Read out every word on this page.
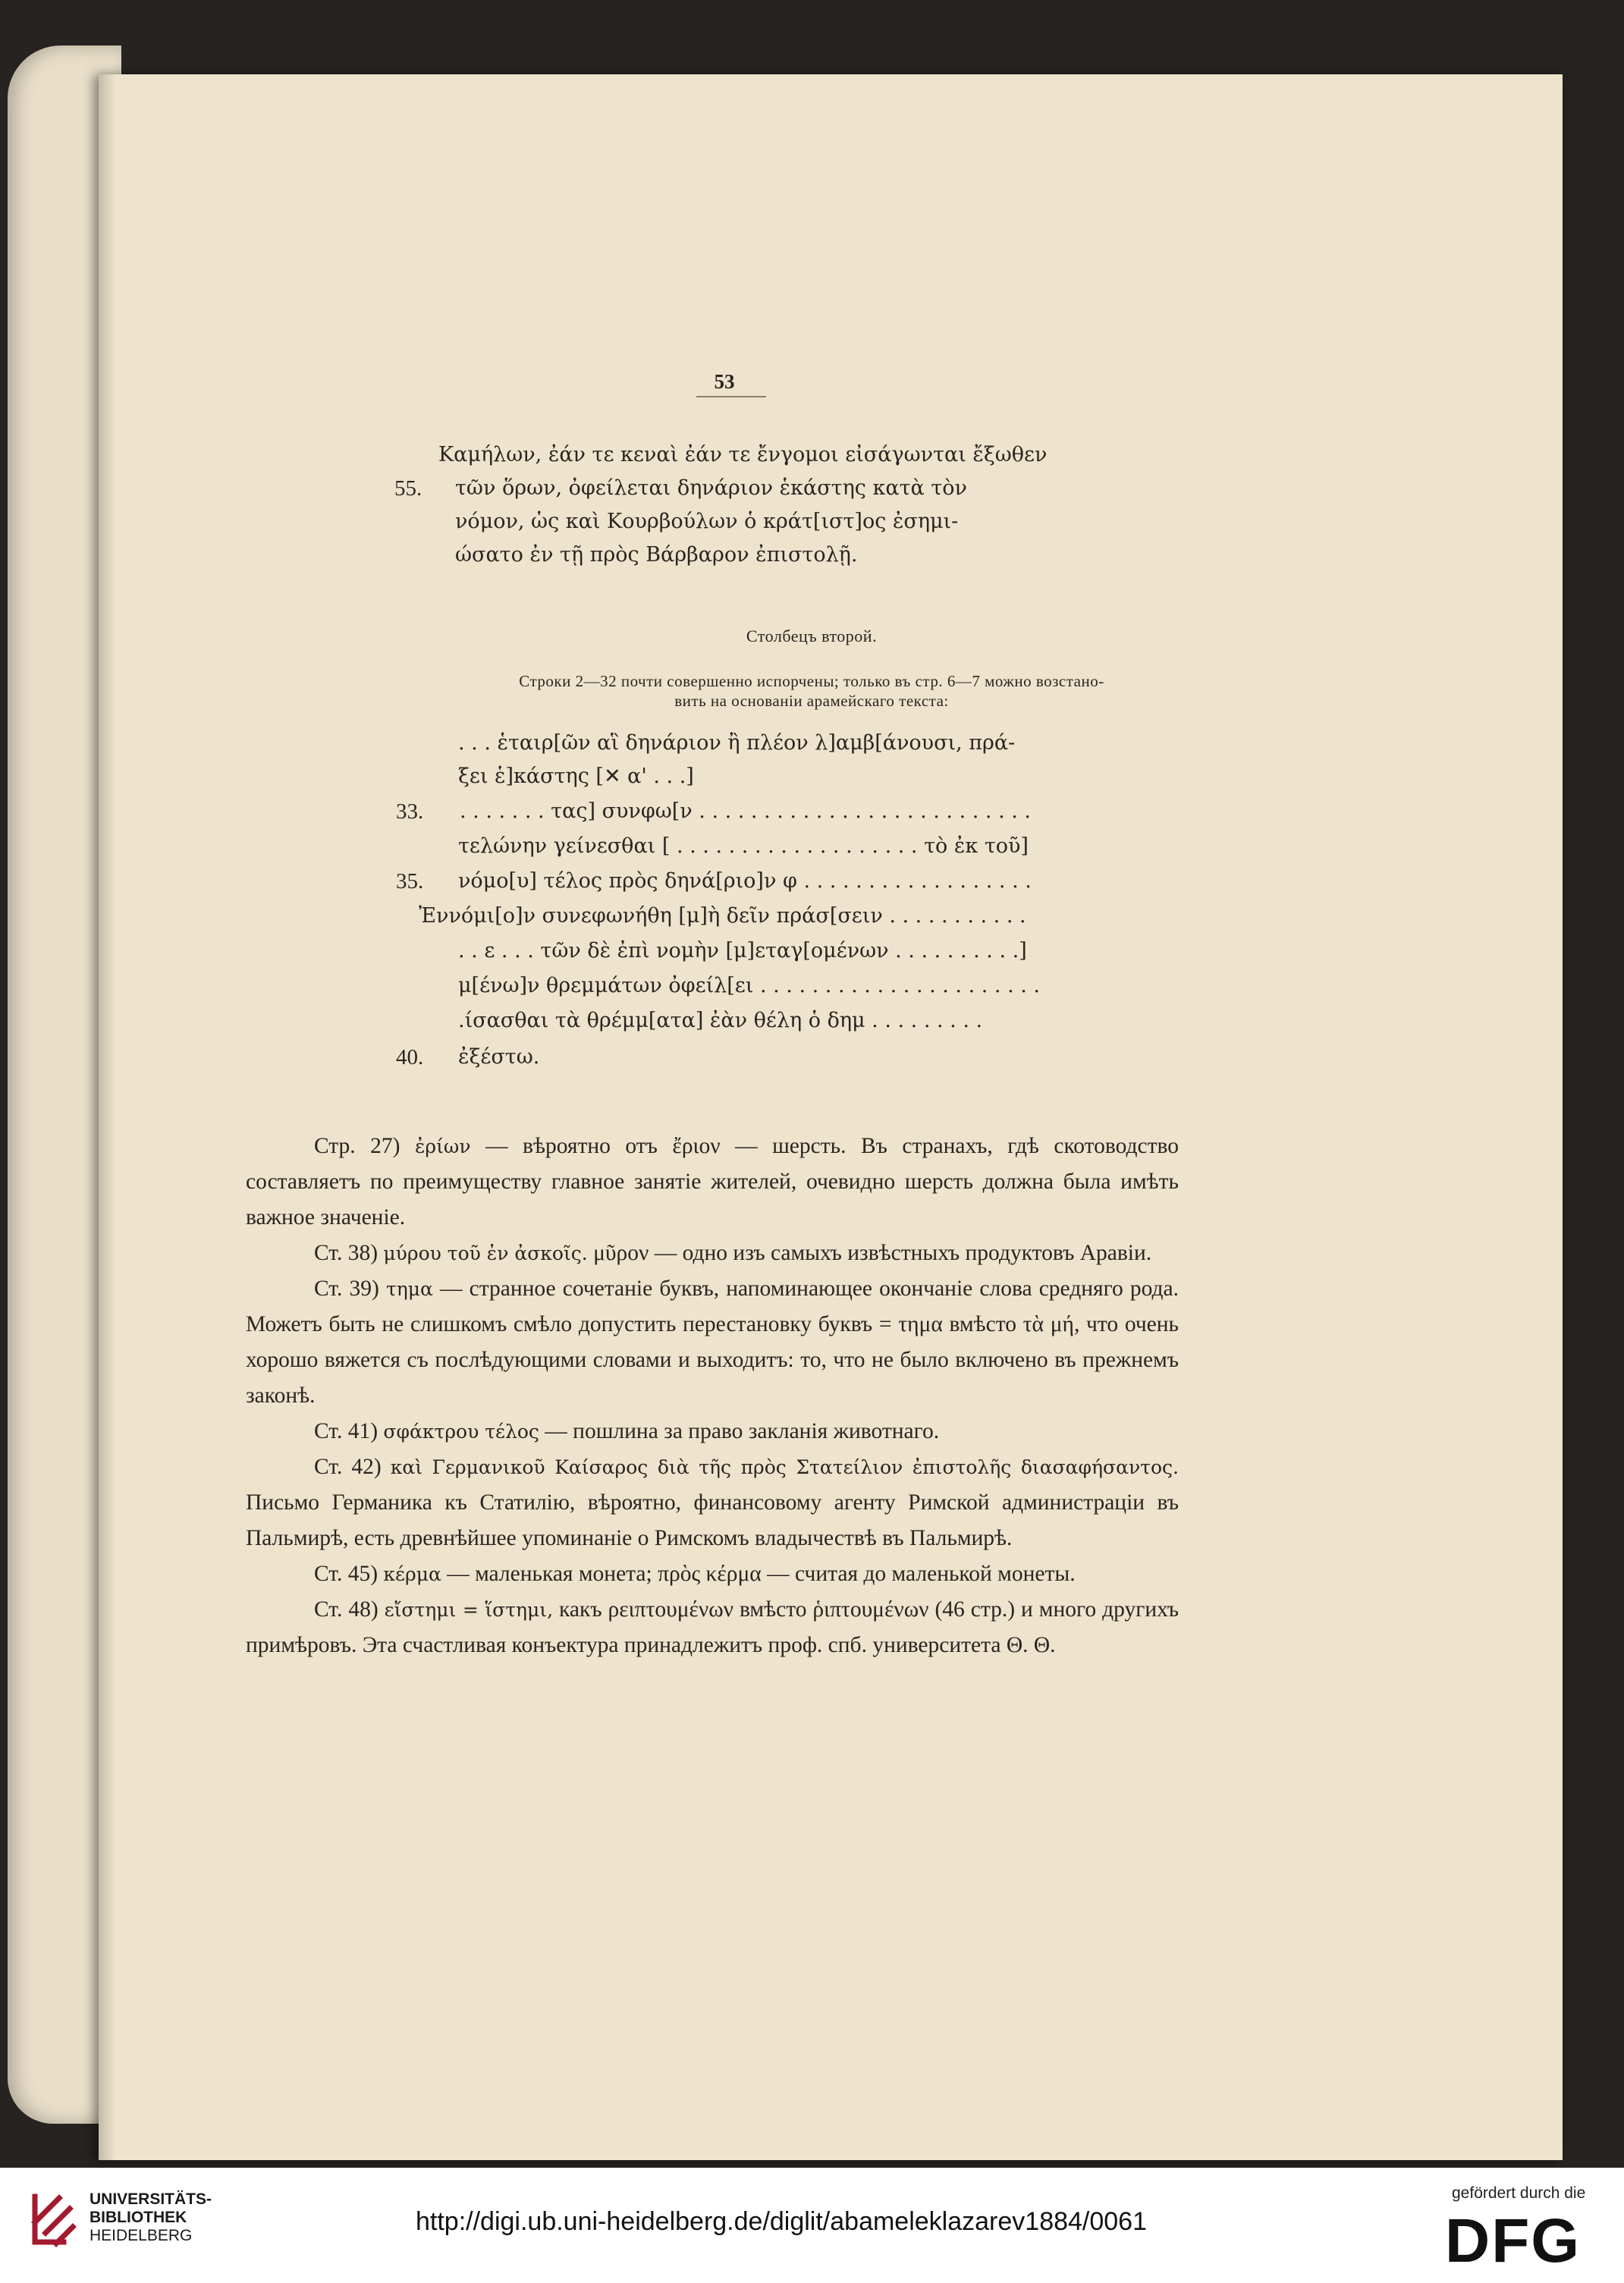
53
Καμήλων, ἐάν τε κεναὶ ἐάν τε ἔνγομοι εἰσάγωνται ἔξωθεν
55. τῶν ὅρων, ὀφείλεται δηνάριον ἑκάστης κατὰ τὸν
νόμον, ὡς καὶ Κουρβούλων ὁ κράτ[ιστ]ος ἐσημι-
ώσατο ἐν τῇ πρὸς Βάρβαρον ἐπιστολῇ.
Столбецъ второй.
Строки 2—32 почти совершенно испорчены; только въ стр. 6—7 можно возстано-
вить на основаніи арамейскаго текста:
. . . ἑταιρ[ῶν αἳ δηνάριον ἢ πλέον λ]αμβ[άνουσι, πρά-
ξει ἑ]κάστης [✕ α' . . .]
33. . . . . . . . τας] συνφω[ν . . . . . . . . . . . . . . . . . . . . . . . . . .
τελώνην γείνεσθαι [ . . . . . . . . . . . . . . . . . . . τὸ ἐκ τοῦ]
35. νόμο[υ] τέλος πρὸς δηνά[ριο]ν φ . . . . . . . . . . . . . . . . . .
Ἐννόμι[ο]ν συνεφωνήθη [μ]ὴ δεῖν πράσ[σειν . . . . . . . . . . .
. . ε . . . τῶν δὲ ἐπὶ νομὴν [μ]εταγ[ομένων . . . . . . . . . .]
μ[ένω]ν θρεμμάτων ὀφείλ[ει . . . . . . . . . . . . . . . . . . . . . .
.ίσασθαι τὰ θρέμμ[ατα] ἐὰν θέλη ὁ δημ . . . . . . . . .
40. ἐξέστω.

Стр. 27) ἐρίων — вѣроятно отъ ἔριον — шерсть. Въ странахъ, гдѣ скотоводство составляетъ по преимуществу главное занятіе жителей, очевидно шерсть должна была имѣть важное значеніе.

Ст. 38) μύρου τοῦ ἐν ἀσκοῖς. μῦρον — одно изъ самыхъ извѣстныхъ продуктовъ Аравіи.

Ст. 39) τημα — странное сочетаніе буквъ, напоминающее окончаніе слова средняго рода. Можетъ быть не слишкомъ смѣло допустить перестановку буквъ = τημα вмѣсто τὰ μή, что очень хорошо вяжется съ послѣдующими словами и выходитъ: то, что не было включено въ прежнемъ законѣ.

Ст. 41) σφάκτρου τέλος — пошлина за право закланія животнаго.

Ст. 42) καὶ Γερμανικοῦ Καίσαρος διὰ τῆς πρὸς Στατείλιον ἐπιστολῆς διασαφήσαντος. Письмо Германика къ Статилію, вѣроятно, финансовому агенту Римской администраціи въ Пальмирѣ, есть древнѣйшее упоминаніе о Римскомъ владычествѣ въ Пальмирѣ.

Ст. 45) κέρμα — маленькая монета; πρὸς κέρμα — считая до маленькой монеты.

Ст. 48) εἴστημι = ἵστημι, какъ ρειπτουμένων вмѣсто ῥιπτουμένων (46 стр.) и много другихъ примѣровъ. Эта счастливая конъектура принадлежитъ проф. спб. университета Θ. Θ.

UNIVERSITÄTS-
BIBLIOTHEK
HEIDELBERG	http://digi.ub.uni-heidelberg.de/diglit/abameleklazarev1884/0061
gefördert durch die
DFG
